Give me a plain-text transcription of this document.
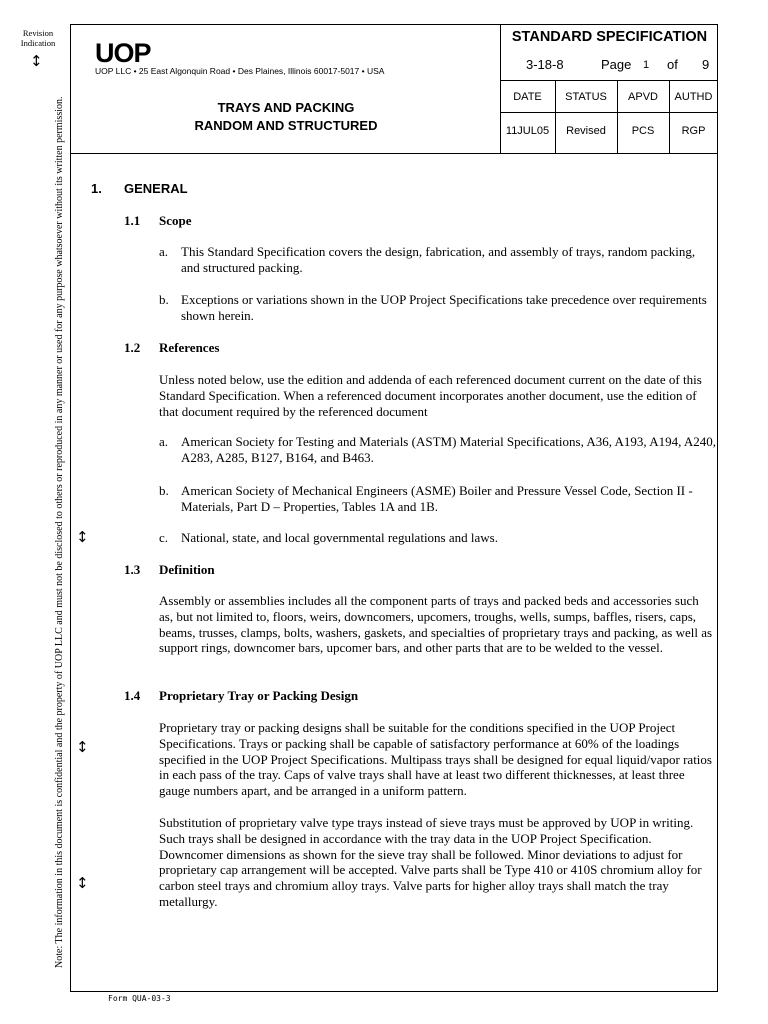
Revision Indication
↕
↕
↕
↕
Note: The information in this document is confidential and the property of UOP LLC and must not be disclosed to others or reproduced in any manner or used for any purpose whatsoever without its written permission.
UOP
UOP LLC • 25 East Algonquin Road • Des Plaines, Illinois 60017-5017 • USA
TRAYS AND PACKING
RANDOM AND STRUCTURED
STANDARD SPECIFICATION
3-18-8	Page 1 of 9
DATE	STATUS	APVD	AUTHD
11JUL05	Revised	PCS	RGP
1. GENERAL
1.1 Scope
a. This Standard Specification covers the design, fabrication, and assembly of trays, random packing, and structured packing.
b. Exceptions or variations shown in the UOP Project Specifications take precedence over requirements shown herein.
1.2 References
Unless noted below, use the edition and addenda of each referenced document current on the date of this Standard Specification. When a referenced document incorporates another document, use the edition of that document required by the referenced document
a. American Society for Testing and Materials (ASTM) Material Specifications, A36, A193, A194, A240, A283, A285, B127, B164, and B463.
b. American Society of Mechanical Engineers (ASME) Boiler and Pressure Vessel Code, Section II - Materials, Part D – Properties, Tables 1A and 1B.
c. National, state, and local governmental regulations and laws.
1.3 Definition
Assembly or assemblies includes all the component parts of trays and packed beds and accessories such as, but not limited to, floors, weirs, downcomers, upcomers, troughs, wells, sumps, baffles, risers, caps, beams, trusses, clamps, bolts, washers, gaskets, and specialties of proprietary trays and packing, as well as support rings, downcomer bars, upcomer bars, and other parts that are to be welded to the vessel.
1.4 Proprietary Tray or Packing Design
Proprietary tray or packing designs shall be suitable for the conditions specified in the UOP Project Specifications. Trays or packing shall be capable of satisfactory performance at 60% of the loadings specified in the UOP Project Specifications. Multipass trays shall be designed for equal liquid/vapor ratios in each pass of the tray. Caps of valve trays shall have at least two different thicknesses, at least three gauge numbers apart, and be arranged in a uniform pattern.
Substitution of proprietary valve type trays instead of sieve trays must be approved by UOP in writing. Such trays shall be designed in accordance with the tray data in the UOP Project Specification. Downcomer dimensions as shown for the sieve tray shall be followed. Minor deviations to adjust for proprietary cap arrangement will be accepted. Valve parts shall be Type 410 or 410S chromium alloy for carbon steel trays and chromium alloy trays. Valve parts for higher alloy trays shall match the tray metallurgy.
Form QUA-03-3
